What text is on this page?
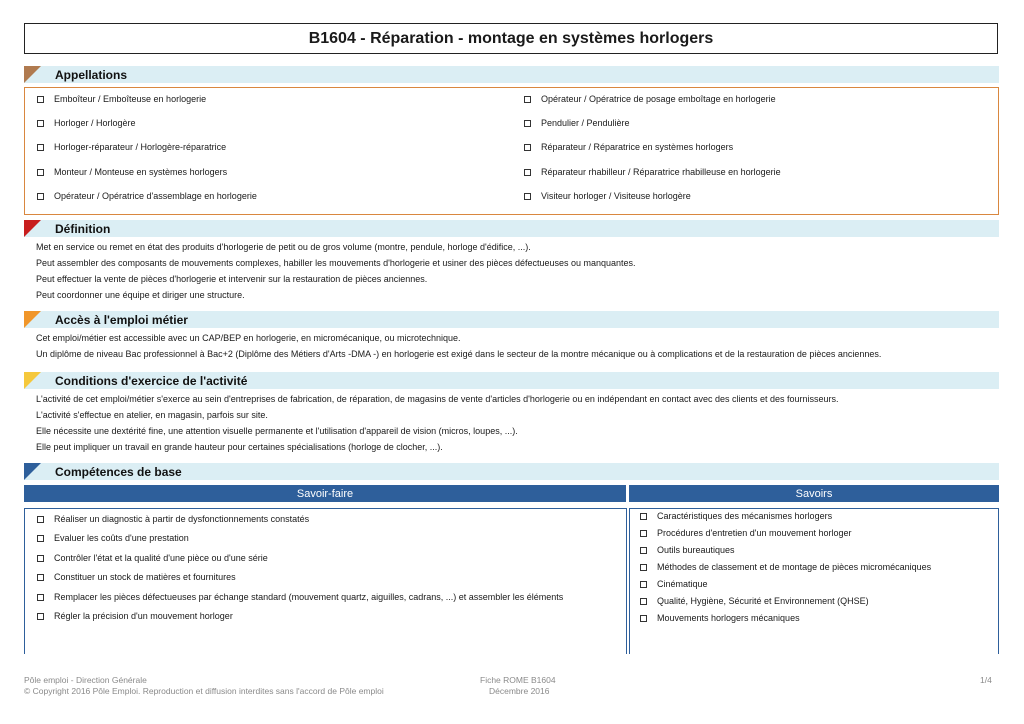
B1604 - Réparation - montage en systèmes horlogers
Appellations
Emboîteur / Emboîteuse en horlogerie
Horloger / Horlogère
Horloger-réparateur / Horlogère-réparatrice
Monteur / Monteuse en systèmes horlogers
Opérateur / Opératrice d'assemblage en horlogerie
Opérateur / Opératrice de posage emboîtage en horlogerie
Pendulier / Pendulière
Réparateur / Réparatrice en systèmes horlogers
Réparateur rhabilleur / Réparatrice rhabilleuse en horlogerie
Visiteur horloger / Visiteuse horlogère
Définition
Met en service ou remet en état des produits d'horlogerie de petit ou de gros volume (montre, pendule, horloge d'édifice, ...).
Peut assembler des composants de mouvements complexes, habiller les mouvements d'horlogerie et usiner des pièces défectueuses ou manquantes.
Peut effectuer la vente de pièces d'horlogerie et intervenir sur la restauration de pièces anciennes.
Peut coordonner une équipe et diriger une structure.
Accès à l'emploi métier
Cet emploi/métier est accessible avec un CAP/BEP en horlogerie, en micromécanique, ou microtechnique.
Un diplôme de niveau Bac professionnel à Bac+2 (Diplôme des Métiers d'Arts -DMA -) en horlogerie est exigé dans le secteur de la montre mécanique ou à complications et de la restauration de pièces anciennes.
Conditions d'exercice de l'activité
L'activité de cet emploi/métier s'exerce au sein d'entreprises de fabrication, de réparation, de magasins de vente d'articles d'horlogerie ou en indépendant en contact avec des clients et des fournisseurs.
L'activité s'effectue en atelier, en magasin, parfois sur site.
Elle nécessite une dextérité fine, une attention visuelle permanente et l'utilisation d'appareil de vision (micros, loupes, ...).
Elle peut impliquer un travail en grande hauteur pour certaines spécialisations (horloge de clocher, ...).
Compétences de base
Savoir-faire	Savoirs
Réaliser un diagnostic à partir de dysfonctionnements constatés
Evaluer les coûts d'une prestation
Contrôler l'état et la qualité d'une pièce ou d'une série
Constituer un stock de matières et fournitures
Remplacer les pièces défectueuses par échange standard (mouvement quartz, aiguilles, cadrans, ...) et assembler les éléments
Régler la précision d'un mouvement horloger
Caractéristiques des mécanismes horlogers
Procédures d'entretien d'un mouvement horloger
Outils bureautiques
Méthodes de classement et de montage de pièces micromécaniques
Cinématique
Qualité, Hygiène, Sécurité et Environnement (QHSE)
Mouvements horlogers mécaniques
Pôle emploi - Direction Générale
© Copyright 2016 Pôle Emploi. Reproduction et diffusion interdites sans l'accord de Pôle emploi
Fiche ROME B1604
Décembre 2016
1/4
